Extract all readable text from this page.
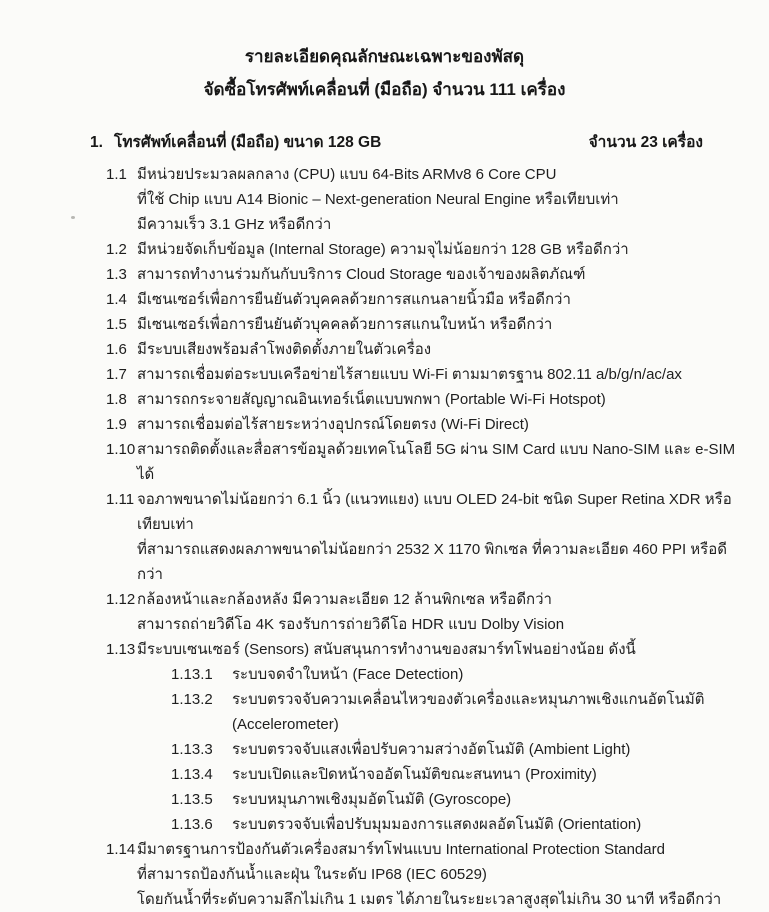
รายละเอียดคุณลักษณะเฉพาะของพัสดุ
จัดซื้อโทรศัพท์เคลื่อนที่ (มือถือ) จำนวน 111 เครื่อง
1. โทรศัพท์เคลื่อนที่ (มือถือ) ขนาด 128 GB	จำนวน 23 เครื่อง
1.1 มีหน่วยประมวลผลกลาง (CPU) แบบ 64-Bits ARMv8 6 Core CPU
ที่ใช้ Chip แบบ A14 Bionic – Next-generation Neural Engine หรือเทียบเท่า
มีความเร็ว 3.1 GHz หรือดีกว่า
1.2 มีหน่วยจัดเก็บข้อมูล (Internal Storage) ความจุไม่น้อยกว่า 128 GB หรือดีกว่า
1.3 สามารถทำงานร่วมกันกับบริการ Cloud Storage ของเจ้าของผลิตภัณฑ์
1.4 มีเซนเซอร์เพื่อการยืนยันตัวบุคคลด้วยการสแกนลายนิ้วมือ หรือดีกว่า
1.5 มีเซนเซอร์เพื่อการยืนยันตัวบุคคลด้วยการสแกนใบหน้า หรือดีกว่า
1.6 มีระบบเสียงพร้อมลำโพงติดตั้งภายในตัวเครื่อง
1.7 สามารถเชื่อมต่อระบบเครือข่ายไร้สายแบบ Wi-Fi ตามมาตรฐาน 802.11 a/b/g/n/ac/ax
1.8 สามารถกระจายสัญญาณอินเทอร์เน็ตแบบพกพา (Portable Wi-Fi Hotspot)
1.9 สามารถเชื่อมต่อไร้สายระหว่างอุปกรณ์โดยตรง (Wi-Fi Direct)
1.10 สามารถติดตั้งและสื่อสารข้อมูลด้วยเทคโนโลยี 5G ผ่าน SIM Card แบบ Nano-SIM และ e-SIM ได้
1.11 จอภาพขนาดไม่น้อยกว่า 6.1 นิ้ว (แนวทแยง) แบบ OLED 24-bit ชนิด Super Retina XDR หรือเทียบเท่า
ที่สามารถแสดงผลภาพขนาดไม่น้อยกว่า 2532 X 1170 พิกเซล ที่ความละเอียด 460 PPI หรือดีกว่า
1.12 กล้องหน้าและกล้องหลัง มีความละเอียด 12 ล้านพิกเซล หรือดีกว่า
สามารถถ่ายวิดีโอ 4K รองรับการถ่ายวิดีโอ HDR แบบ Dolby Vision
1.13 มีระบบเซนเซอร์ (Sensors) สนับสนุนการทำงานของสมาร์ทโฟนอย่างน้อย ดังนี้
1.13.1	ระบบจดจำใบหน้า (Face Detection)
1.13.2	ระบบตรวจจับความเคลื่อนไหวของตัวเครื่องและหมุนภาพเชิงแกนอัตโนมัติ (Accelerometer)
1.13.3	ระบบตรวจจับแสงเพื่อปรับความสว่างอัตโนมัติ (Ambient Light)
1.13.4	ระบบเปิดและปิดหน้าจออัตโนมัติขณะสนทนา (Proximity)
1.13.5	ระบบหมุนภาพเชิงมุมอัตโนมัติ (Gyroscope)
1.13.6	ระบบตรวจจับเพื่อปรับมุมมองการแสดงผลอัตโนมัติ (Orientation)
1.14 มีมาตรฐานการป้องกันตัวเครื่องสมาร์ทโฟนแบบ International Protection Standard
ที่สามารถป้องกันน้ำและฝุ่น ในระดับ IP68 (IEC 60529)
โดยกันน้ำที่ระดับความลึกไม่เกิน 1 เมตร ได้ภายในระยะเวลาสูงสุดไม่เกิน 30 นาที หรือดีกว่า
